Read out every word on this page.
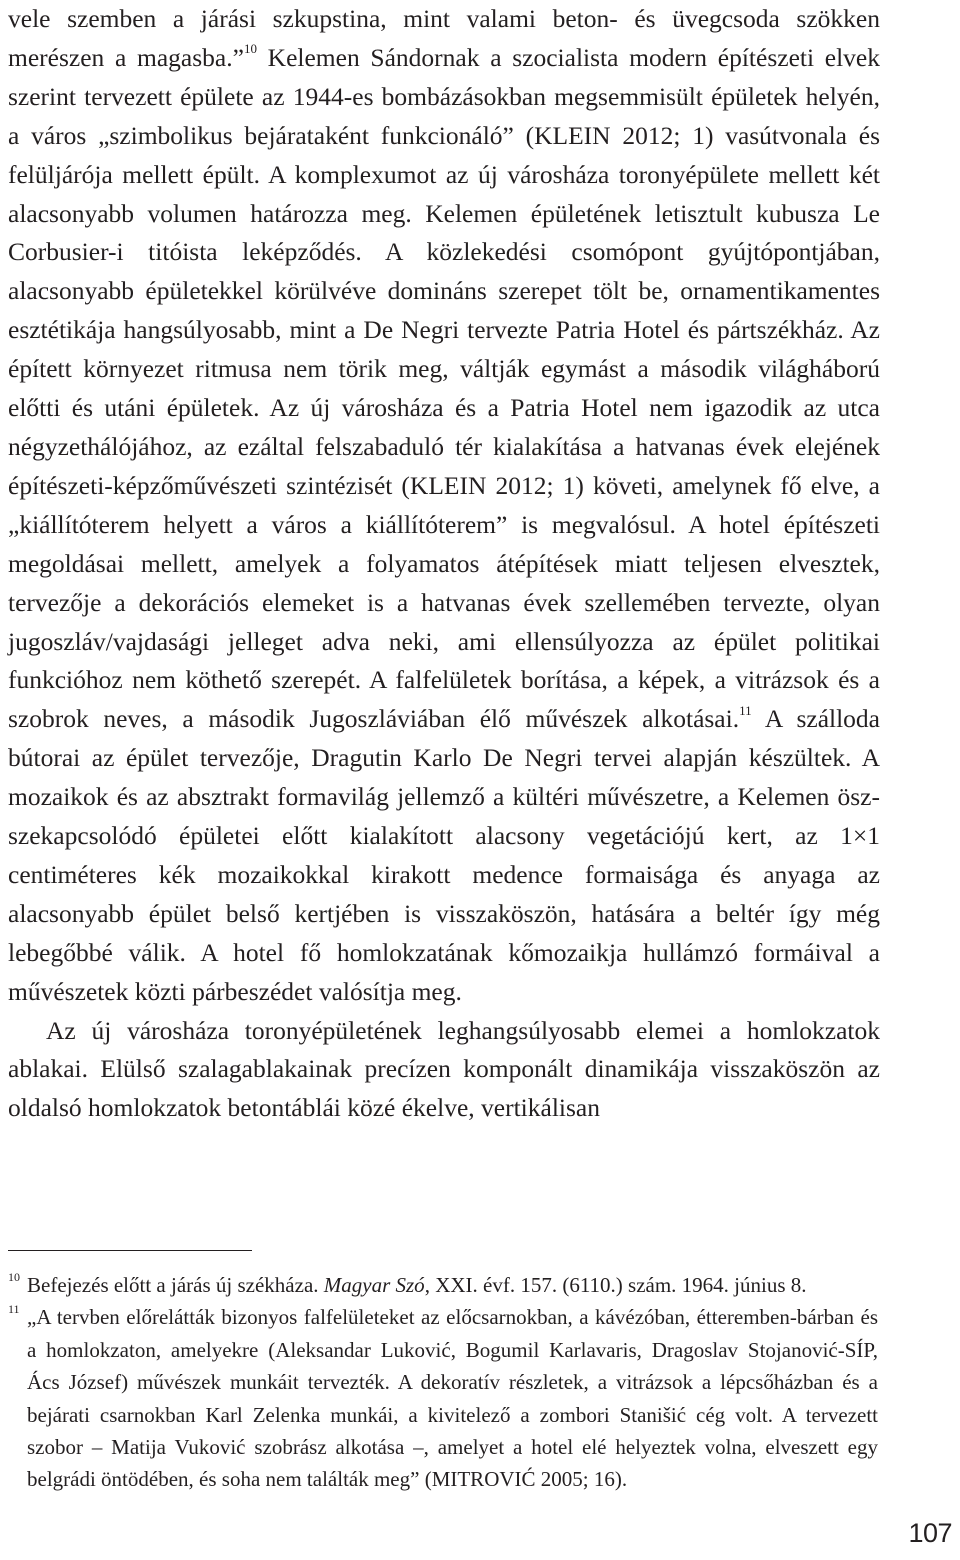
vele szemben a járási szkupstina, mint valami beton- és üvegcsoda szökken merészen a magasba.”$^{10}$ Kelemen Sándornak a szocialista modern építészeti elvek szerint tervezett épülete az 1944-es bombázásokban megsemmisült épületek helyén, a város „szimbolikus bejárataként funkcionáló” (KLEIN 2012; 1) vasútvonala és felüljárója mellett épült. A komplexumot az új városháza toronyépülete mellett két alacsonyabb volumen határozza meg. Kelemen épületének letisztult kubusza Le Corbusier-i titóista leképződés. A közlekedési csomópont gyújtópontjában, alacsonyabb épületekkel körülvéve domináns szerepet tölt be, ornamentikamentes esztétikája hangsúlyosabb, mint a De Negri tervezte Patria Hotel és pártszékház. Az épített környezet ritmusa nem törik meg, váltják egymást a második világháború előtti és utáni épületek. Az új városháza és a Patria Hotel nem igazodik az utca négyzethálójához, az ezáltal felszabaduló tér kialakítása a hatvanas évek elejének építészeti-képzőművészeti szintézisét (KLEIN 2012; 1) követi, amelynek fő elve, a „kiállítóterem helyett a város a kiállítóterem” is megvalósul. A hotel építészeti megoldásai mellett, amelyek a folyamatos átépítések miatt teljesen elvesztek, tervezője a dekorációs elemeket is a hatvanas évek szellemében tervezte, olyan jugoszláv/vajdasági jelleget adva neki, ami ellensúlyozza az épület politikai funkcióhoz nem köthető szerepét. A falfelületek borítása, a képek, a vitrázsok és a szobrok neves, a második Jugoszláviában élő művészek alkotásai.$^{11}$ A szálloda bútorai az épület tervezője, Dragutin Karlo De Negri tervei alapján készültek. A mozaikok és az absztrakt formavilág jellemző a kültéri művészetre, a Kelemen öszszekapcsolódó épületei előtt kialakított alacsony vegetációjú kert, az 1×1 centiméteres kék mozaikokkal kirakott medence formaisága és anyaga az alacsonyabb épület belső kertjében is visszaköszön, hatására a beltér így még lebegőbbé válik. A hotel fő homlokzatának kőmozaikja hullámzó formáival a művészetek közti párbeszédet valósítja meg.

Az új városháza toronyépületének leghangsúlyosabb elemei a homlokzatok ablakai. Elülső szalagablakainak precízen komponált dinamikája visszaköszön az oldalsó homlokzatok betontáblái közé ékelve, vertikálisan

10 Befejezés előtt a járás új székháza. Magyar Szó, XXI. évf. 157. (6110.) szám. 1964. június 8.

11 „A tervben előrelátták bizonyos falfelületeket az előcsarnokban, a kávézóban, étteremben-bárban és a homlokzaton, amelyekre (Aleksandar Luković, Bogumil Karlavaris, Dragoslav Stojanović-SÍP, Ács József) művészek munkáit tervezték. A dekoratív részletek, a vitrázsok a lépcsőházban és a bejárati csarnokban Karl Zelenka munkái, a kivitelező a zombori Stanišić cég volt. A tervezett szobor – Matija Vuković szobrász alkotása –, amelyet a hotel elé helyeztek volna, elveszett egy belgrádi öntödében, és soha nem találták meg” (MITROVIĆ 2005; 16).

107
